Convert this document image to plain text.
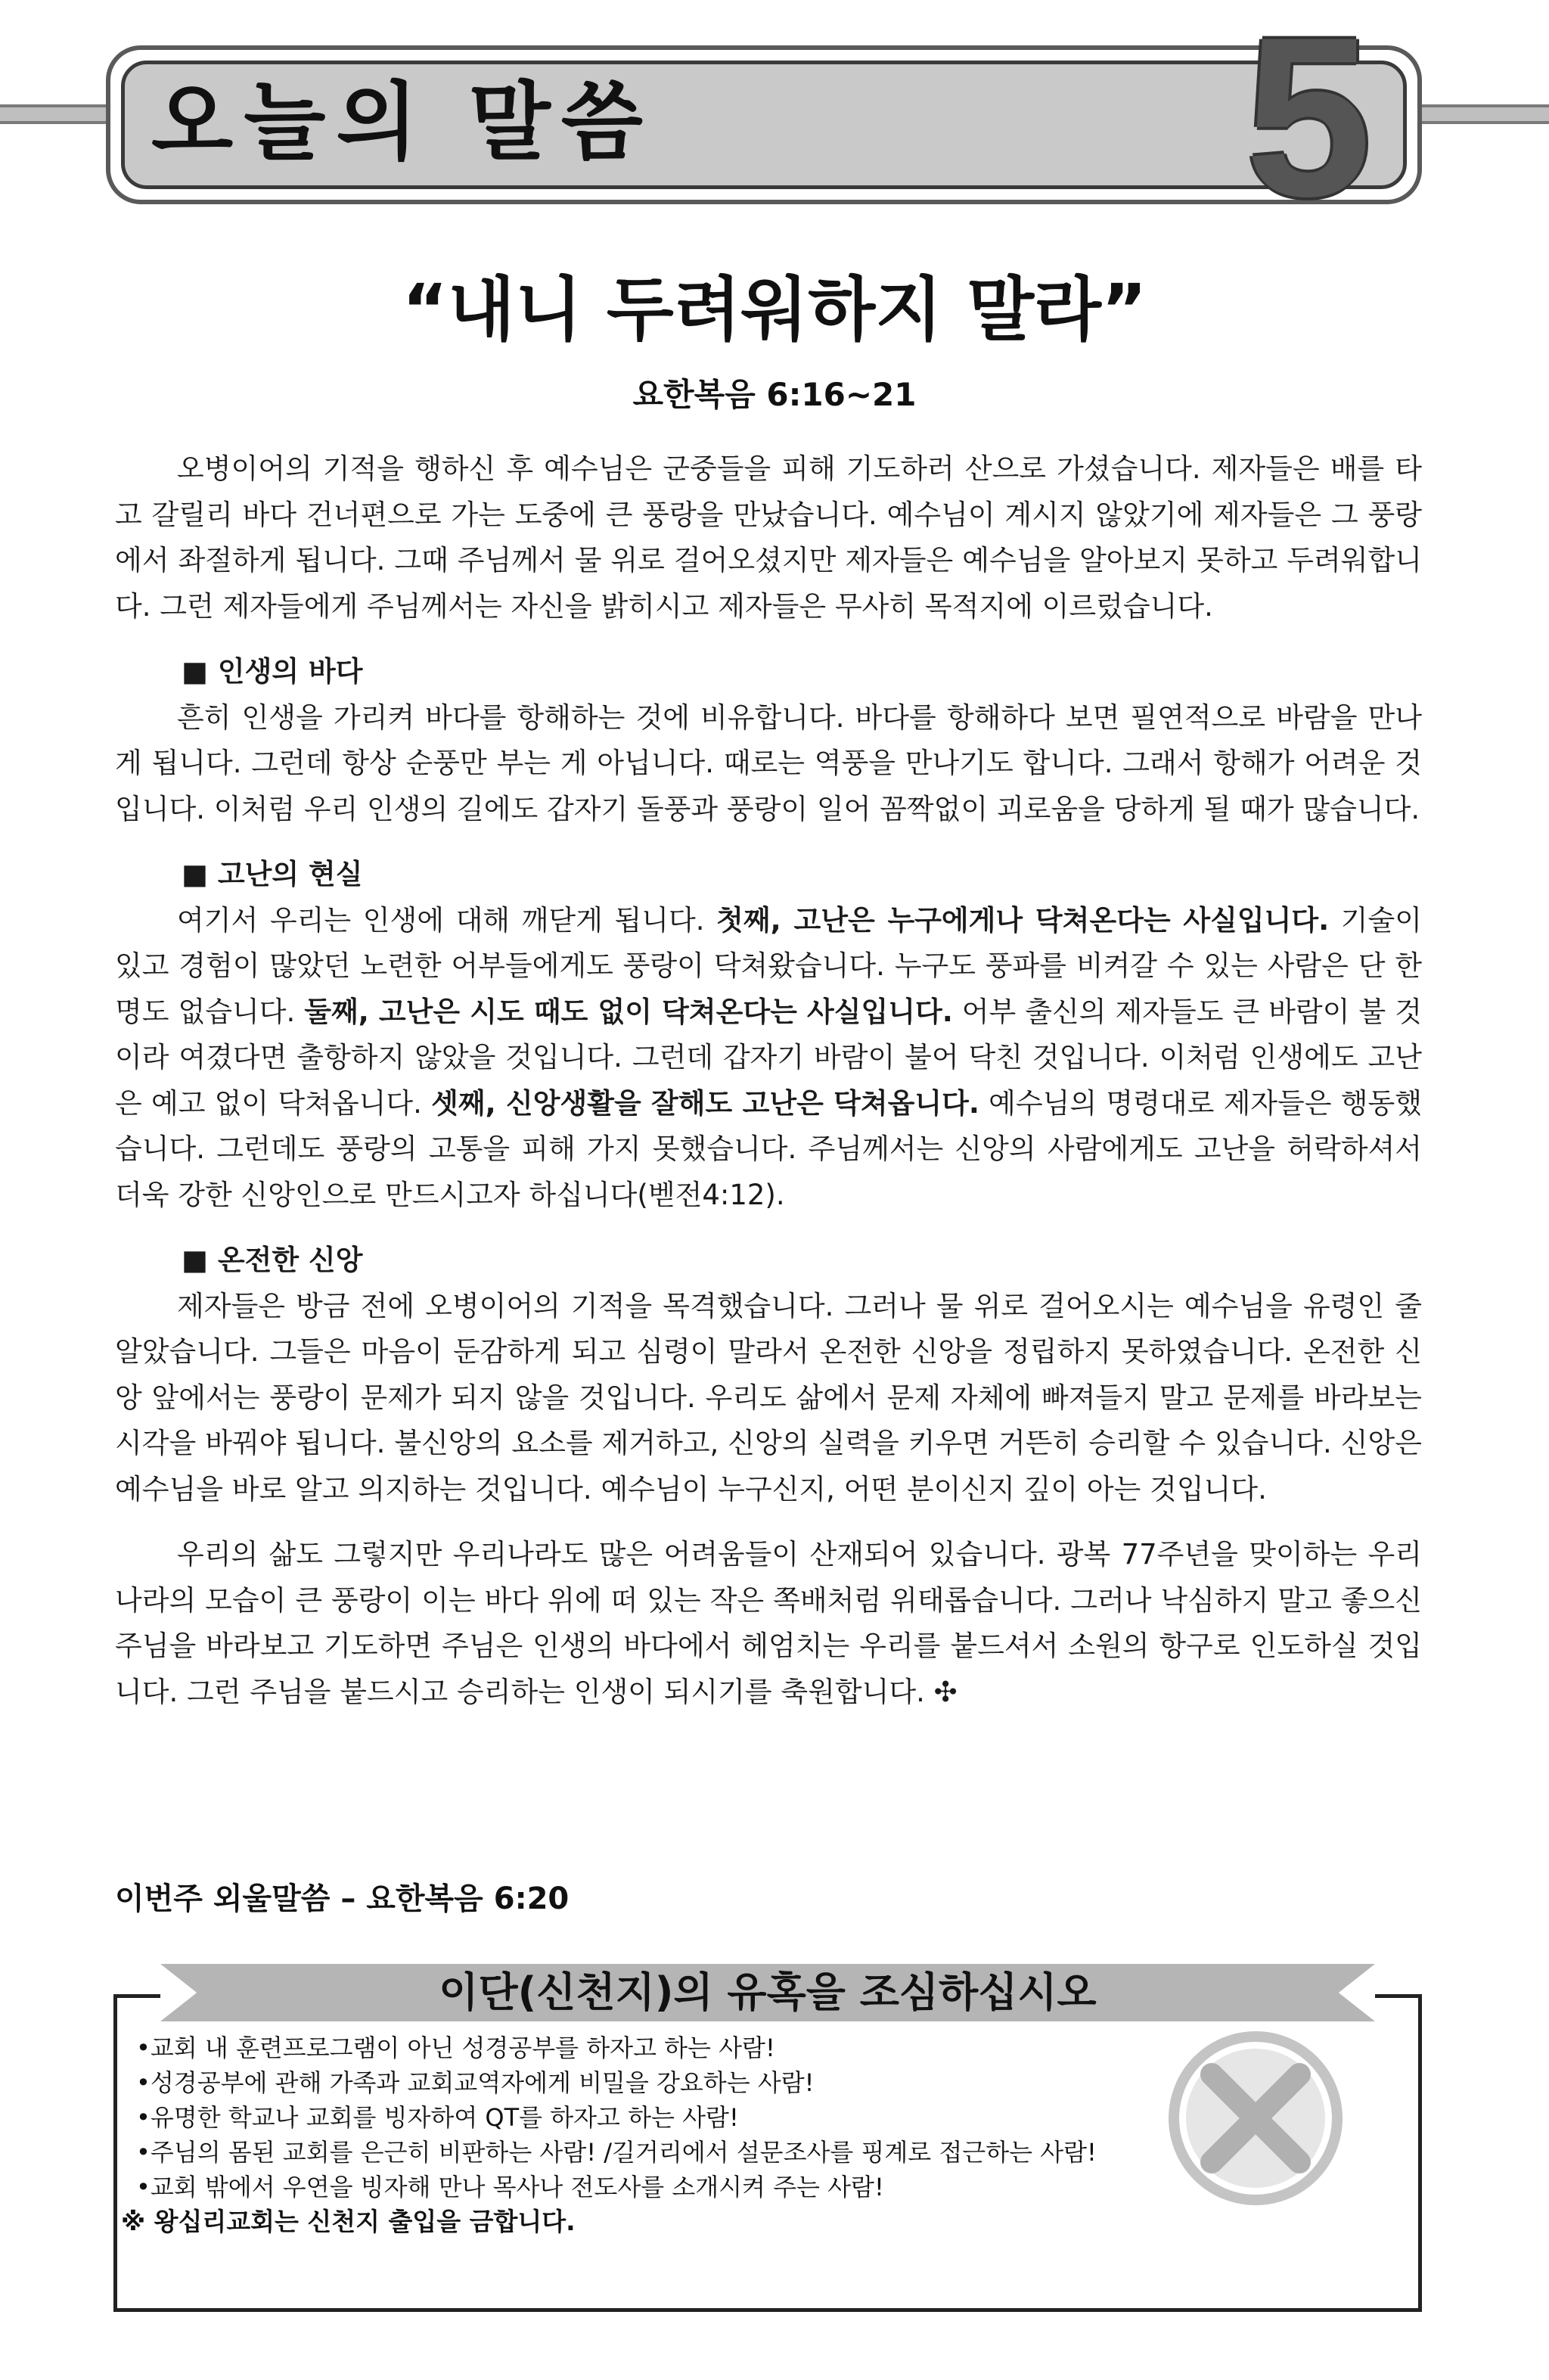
오늘의 말씀	5
“내니 두려워하지 말라”
요한복음 6:16~21

오병이어의 기적을 행하신 후 예수님은 군중들을 피해 기도하러 산으로 가셨습니다. 제자들은 배를 타고 갈릴리 바다 건너편으로 가는 도중에 큰 풍랑을 만났습니다. 예수님이 계시지 않았기에 제자들은 그 풍랑에서 좌절하게 됩니다. 그때 주님께서 물 위로 걸어오셨지만 제자들은 예수님을 알아보지 못하고 두려워합니다. 그런 제자들에게 주님께서는 자신을 밝히시고 제자들은 무사히 목적지에 이르렀습니다.

■ 인생의 바다

흔히 인생을 가리켜 바다를 항해하는 것에 비유합니다. 바다를 항해하다 보면 필연적으로 바람을 만나게 됩니다. 그런데 항상 순풍만 부는 게 아닙니다. 때로는 역풍을 만나기도 합니다. 그래서 항해가 어려운 것입니다. 이처럼 우리 인생의 길에도 갑자기 돌풍과 풍랑이 일어 꼼짝없이 괴로움을 당하게 될 때가 많습니다.

■ 고난의 현실

여기서 우리는 인생에 대해 깨닫게 됩니다. 첫째, 고난은 누구에게나 닥쳐온다는 사실입니다. 기술이 있고 경험이 많았던 노련한 어부들에게도 풍랑이 닥쳐왔습니다. 누구도 풍파를 비켜갈 수 있는 사람은 단 한 명도 없습니다. 둘째, 고난은 시도 때도 없이 닥쳐온다는 사실입니다. 어부 출신의 제자들도 큰 바람이 불 것이라 여겼다면 출항하지 않았을 것입니다. 그런데 갑자기 바람이 불어 닥친 것입니다. 이처럼 인생에도 고난은 예고 없이 닥쳐옵니다. 셋째, 신앙생활을 잘해도 고난은 닥쳐옵니다. 예수님의 명령대로 제자들은 행동했습니다. 그런데도 풍랑의 고통을 피해 가지 못했습니다. 주님께서는 신앙의 사람에게도 고난을 허락하셔서 더욱 강한 신앙인으로 만드시고자 하십니다(벧전4:12).

■ 온전한 신앙

제자들은 방금 전에 오병이어의 기적을 목격했습니다. 그러나 물 위로 걸어오시는 예수님을 유령인 줄 알았습니다. 그들은 마음이 둔감하게 되고 심령이 말라서 온전한 신앙을 정립하지 못하였습니다. 온전한 신앙 앞에서는 풍랑이 문제가 되지 않을 것입니다. 우리도 삶에서 문제 자체에 빠져들지 말고 문제를 바라보는 시각을 바꿔야 됩니다. 불신앙의 요소를 제거하고, 신앙의 실력을 키우면 거뜬히 승리할 수 있습니다. 신앙은 예수님을 바로 알고 의지하는 것입니다. 예수님이 누구신지, 어떤 분이신지 깊이 아는 것입니다.

우리의 삶도 그렇지만 우리나라도 많은 어려움들이 산재되어 있습니다. 광복 77주년을 맞이하는 우리나라의 모습이 큰 풍랑이 이는 바다 위에 떠 있는 작은 쪽배처럼 위태롭습니다. 그러나 낙심하지 말고 좋으신 주님을 바라보고 기도하면 주님은 인생의 바다에서 헤엄치는 우리를 붙드셔서 소원의 항구로 인도하실 것입니다. 그런 주님을 붙드시고 승리하는 인생이 되시기를 축원합니다. ✣

이번주 외울말씀 – 요한복음 6:20
이단(신천지)의 유혹을 조심하십시오
•교회 내 훈련프로그램이 아닌 성경공부를 하자고 하는 사람!
•성경공부에 관해 가족과 교회교역자에게 비밀을 강요하는 사람!
•유명한 학교나 교회를 빙자하여 QT를 하자고 하는 사람!
•주님의 몸된 교회를 은근히 비판하는 사람! /길거리에서 설문조사를 핑계로 접근하는 사람!
•교회 밖에서 우연을 빙자해 만나 목사나 전도사를 소개시켜 주는 사람!
※ 왕십리교회는 신천지 출입을 금합니다.
